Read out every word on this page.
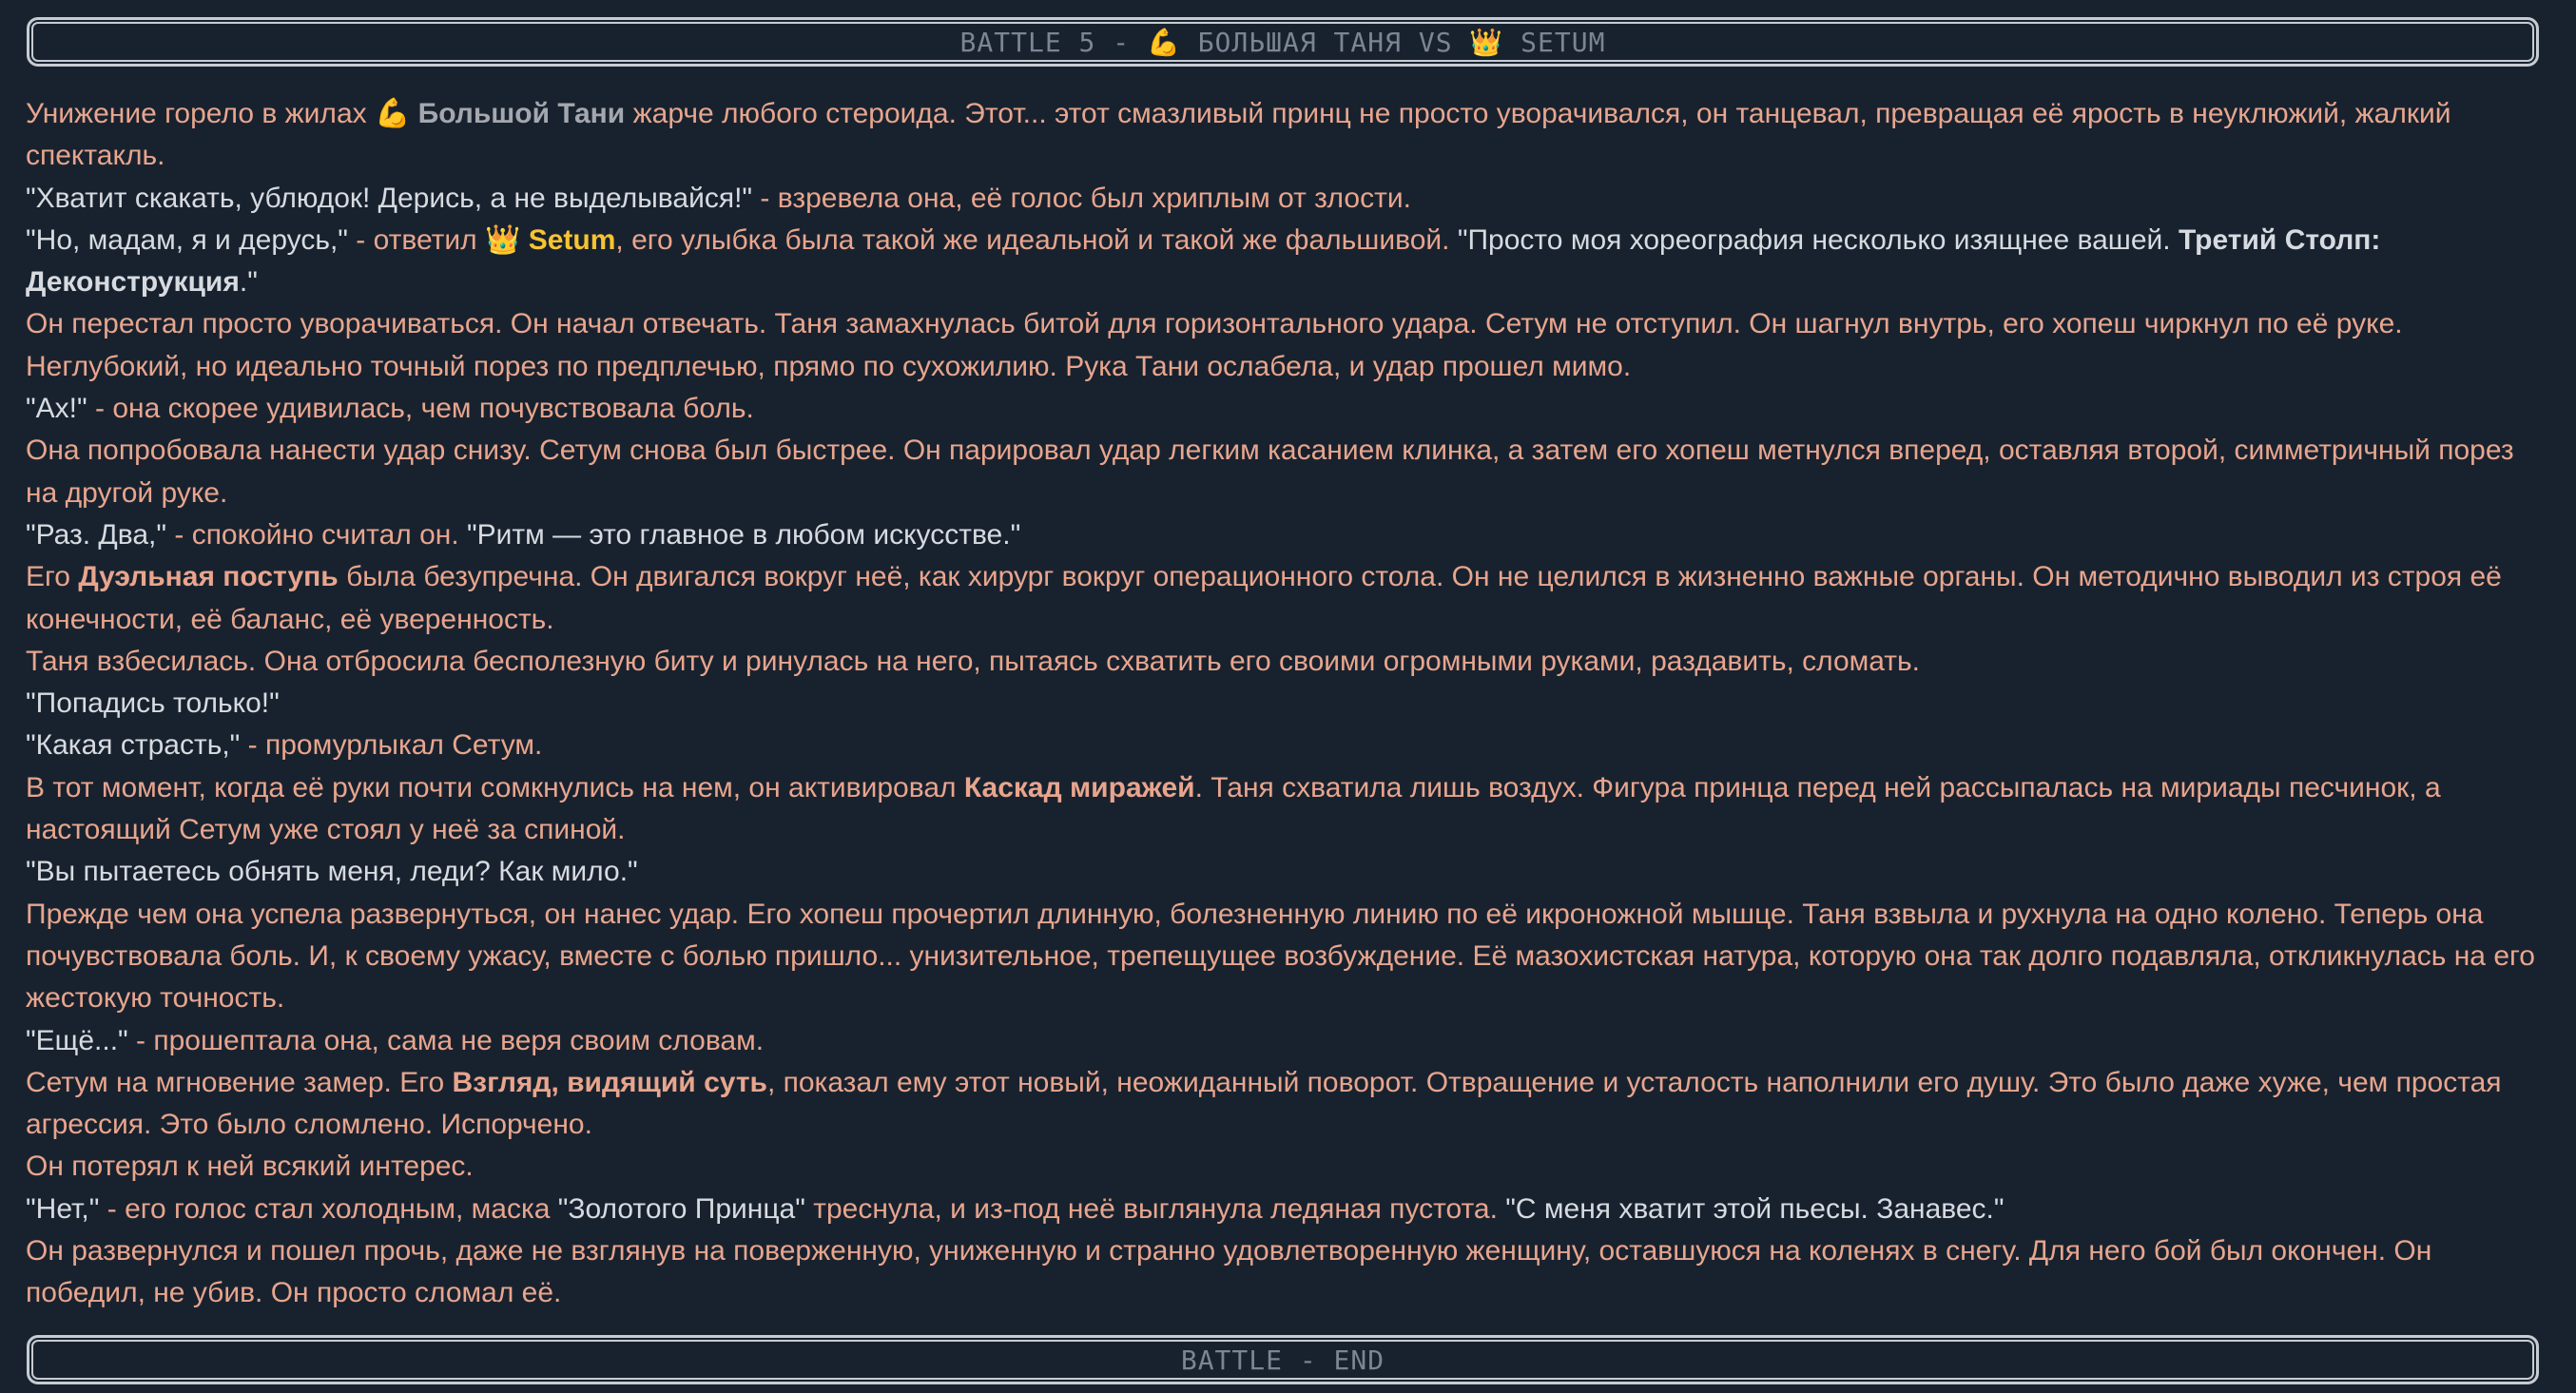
BATTLE 5 - 💪 БОЛЬШАЯ ТАНЯ VS 👑 SETUM

Унижение горело в жилах 💪 Большой Тани жарче любого стероида. Этот... этот смазливый принц не просто уворачивался, он танцевал, превращая её ярость в неуклюжий, жалкий спектакль.

"Хватит скакать, ублюдок! Дерись, а не выделывайся!" - взревела она, её голос был хриплым от злости.

"Но, мадам, я и дерусь," - ответил 👑 Setum, его улыбка была такой же идеальной и такой же фальшивой. "Просто моя хореография несколько изящнее вашей. Третий Столп: Деконструкция."

Он перестал просто уворачиваться. Он начал отвечать. Таня замахнулась битой для горизонтального удара. Сетум не отступил. Он шагнул внутрь, его хопеш чиркнул по её руке. Неглубокий, но идеально точный порез по предплечью, прямо по сухожилию. Рука Тани ослабела, и удар прошел мимо.

"Ах!" - она скорее удивилась, чем почувствовала боль.

Она попробовала нанести удар снизу. Сетум снова был быстрее. Он парировал удар легким касанием клинка, а затем его хопеш метнулся вперед, оставляя второй, симметричный порез на другой руке.

"Раз. Два," - спокойно считал он. "Ритм — это главное в любом искусстве."

Его Дуэльная поступь была безупречна. Он двигался вокруг неё, как хирург вокруг операционного стола. Он не целился в жизненно важные органы. Он методично выводил из строя её конечности, её баланс, её уверенность.

Таня взбесилась. Она отбросила бесполезную биту и ринулась на него, пытаясь схватить его своими огромными руками, раздавить, сломать.

"Попадись только!"

"Какая страсть," - промурлыкал Сетум.

В тот момент, когда её руки почти сомкнулись на нем, он активировал Каскад миражей. Таня схватила лишь воздух. Фигура принца перед ней рассыпалась на мириады песчинок, а настоящий Сетум уже стоял у неё за спиной.

"Вы пытаетесь обнять меня, леди? Как мило."

Прежде чем она успела развернуться, он нанес удар. Его хопеш прочертил длинную, болезненную линию по её икроножной мышце. Таня взвыла и рухнула на одно колено. Теперь она почувствовала боль. И, к своему ужасу, вместе с болью пришло... унизительное, трепещущее возбуждение. Её мазохистская натура, которую она так долго подавляла, откликнулась на его жестокую точность.

"Ещё..." - прошептала она, сама не веря своим словам.

Сетум на мгновение замер. Его Взгляд, видящий суть, показал ему этот новый, неожиданный поворот. Отвращение и усталость наполнили его душу. Это было даже хуже, чем простая агрессия. Это было сломлено. Испорчено.

Он потерял к ней всякий интерес.

"Нет," - его голос стал холодным, маска "Золотого Принца" треснула, и из-под неё выглянула ледяная пустота. "С меня хватит этой пьесы. Занавес."

Он развернулся и пошел прочь, даже не взглянув на поверженную, униженную и странно удовлетворенную женщину, оставшуюся на коленях в снегу. Для него бой был окончен. Он победил, не убив. Он просто сломал её.

BATTLE - END
